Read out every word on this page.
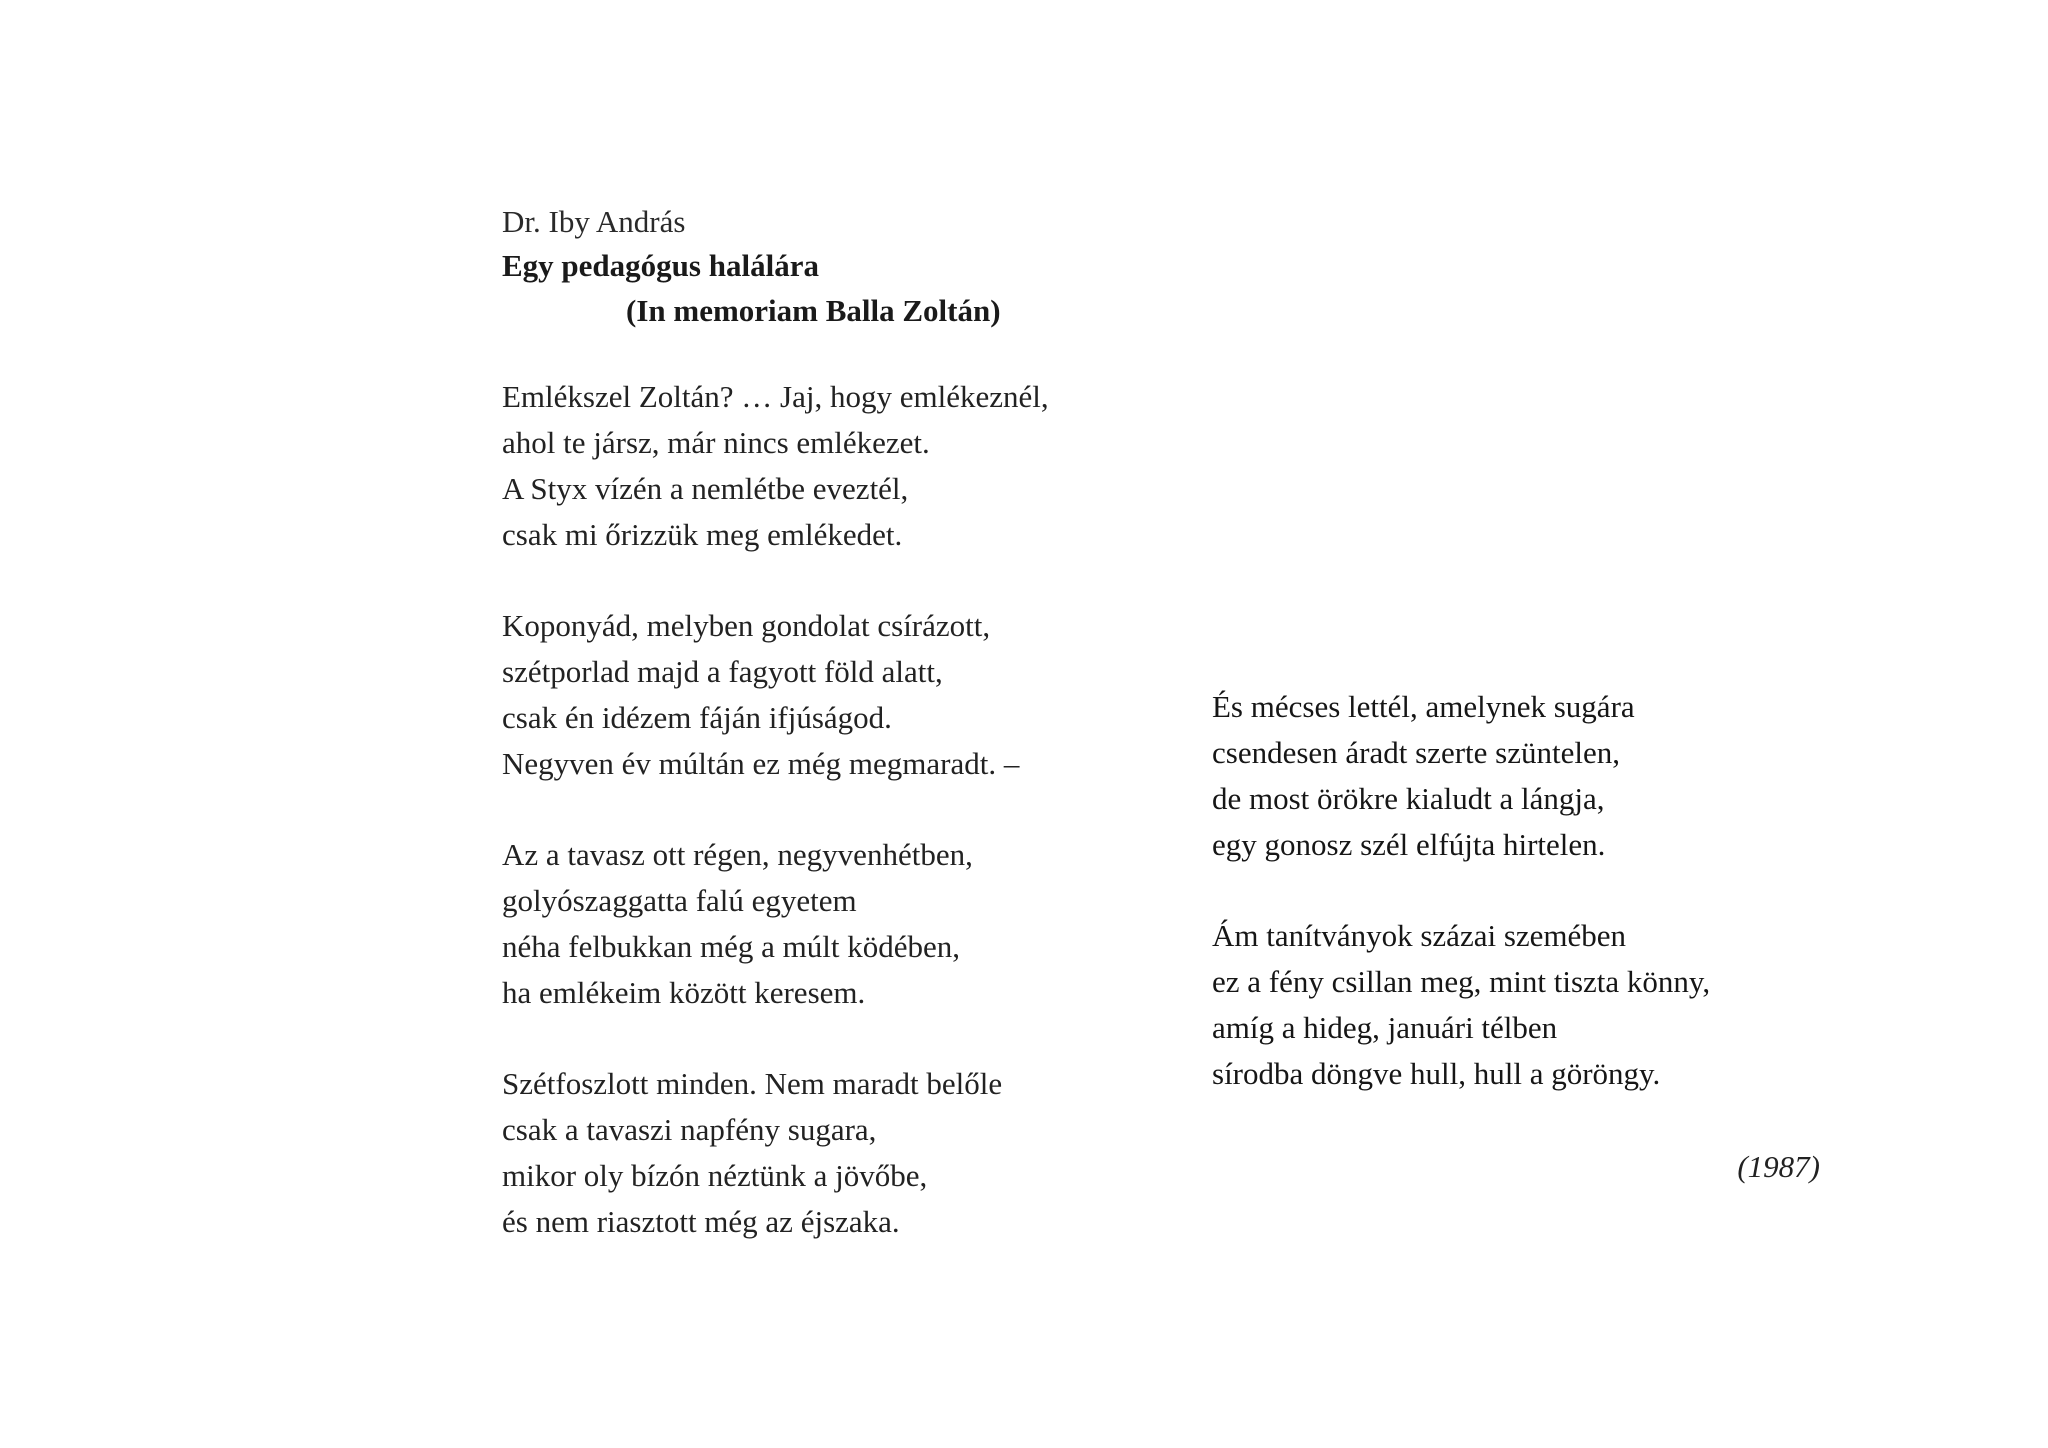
Dr. Iby András
Egy pedagógus halálára
(In memoriam Balla Zoltán)
Emlékszel Zoltán? … Jaj, hogy emlékeznél,
ahol te jársz, már nincs emlékezet.
A Styx vízén a nemlétbe eveztél,
csak mi őrizzük meg emlékedet.
Koponyád, melyben gondolat csírázott,
szétporlad majd a fagyott föld alatt,
csak én idézem fáján ifjúságod.
Negyven év múltán ez még megmaradt. –
Az a tavasz ott régen, negyvenhétben,
golyószaggatta falú egyetem
néha felbukkan még a múlt ködében,
ha emlékeim között keresem.
Szétfoszlott minden. Nem maradt belőle
csak a tavaszi napfény sugara,
mikor oly bízón néztünk a jövőbe,
és nem riasztott még az éjszaka.
És mécses lettél, amelynek sugára
csendesen áradt szerte szüntelen,
de most örökre kialudt a lángja,
egy gonosz szél elfújta hirtelen.
Ám tanítványok százai szemében
ez a fény csillan meg, mint tiszta könny,
amíg a hideg, januári télben
sírodba döngve hull, hull a göröngy.
(1987)
